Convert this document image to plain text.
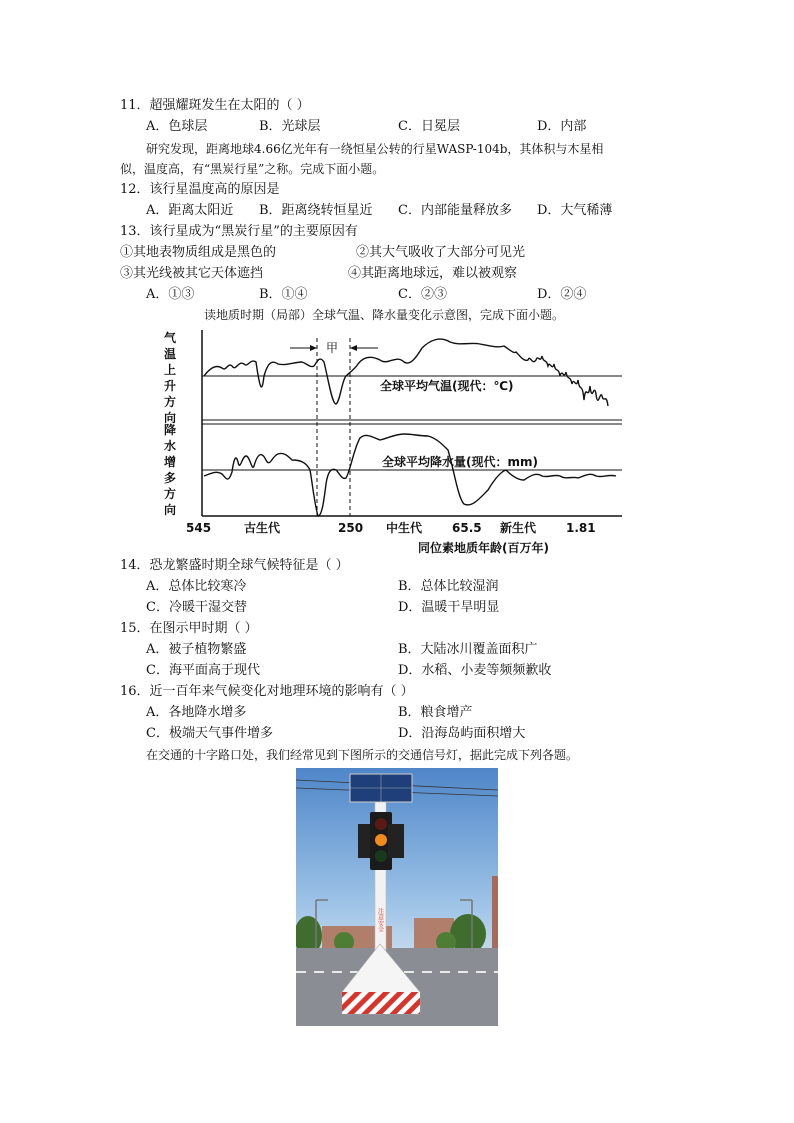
11．超强耀斑发生在太阳的（ ）
A．色球层	B．光球层	C．日冕层	D．内部
研究发现，距离地球4.66亿光年有一绕恒星公转的行星WASP-104b，其体积与木星相
似，温度高，有“黑炭行星”之称。完成下面小题。
12．该行星温度高的原因是
A．距离太阳近 B．距离绕转恒星近 C．内部能量释放多 D．大气稀薄
13．该行星成为“黑炭行星”的主要原因有
①其地表物质组成是黑色的	②其大气吸收了大部分可见光
③其光线被其它天体遮挡	④其距离地球远，难以被观察
A．①③	B．①④	C．②③	D．②④
读地质时期（局部）全球气温、降水量变化示意图，完成下面小题。
气温上升方向
降水增多方向
甲
全球平均气温(现代：℃)
全球平均降水量(现代：mm)
545	古生代	250 中生代 65.5 新生代 1.81
同位素地质年龄(百万年)
14．恐龙繁盛时期全球气候特征是（ ）
A．总体比较寒冷	B．总体比较湿润
C．冷暖干湿交替	D．温暖干旱明显
15．在图示甲时期（ ）
A．被子植物繁盛	B．大陆冰川覆盖面积广
C．海平面高于现代	D．水稻、小麦等频频歉收
16．近一百年来气候变化对地理环境的影响有（ ）
A．各地降水增多	B．粮食增产
C．极端天气事件增多	D．沿海岛屿面积增大
在交通的十字路口处，我们经常见到下图所示的交通信号灯，据此完成下列各题。
注意安全
